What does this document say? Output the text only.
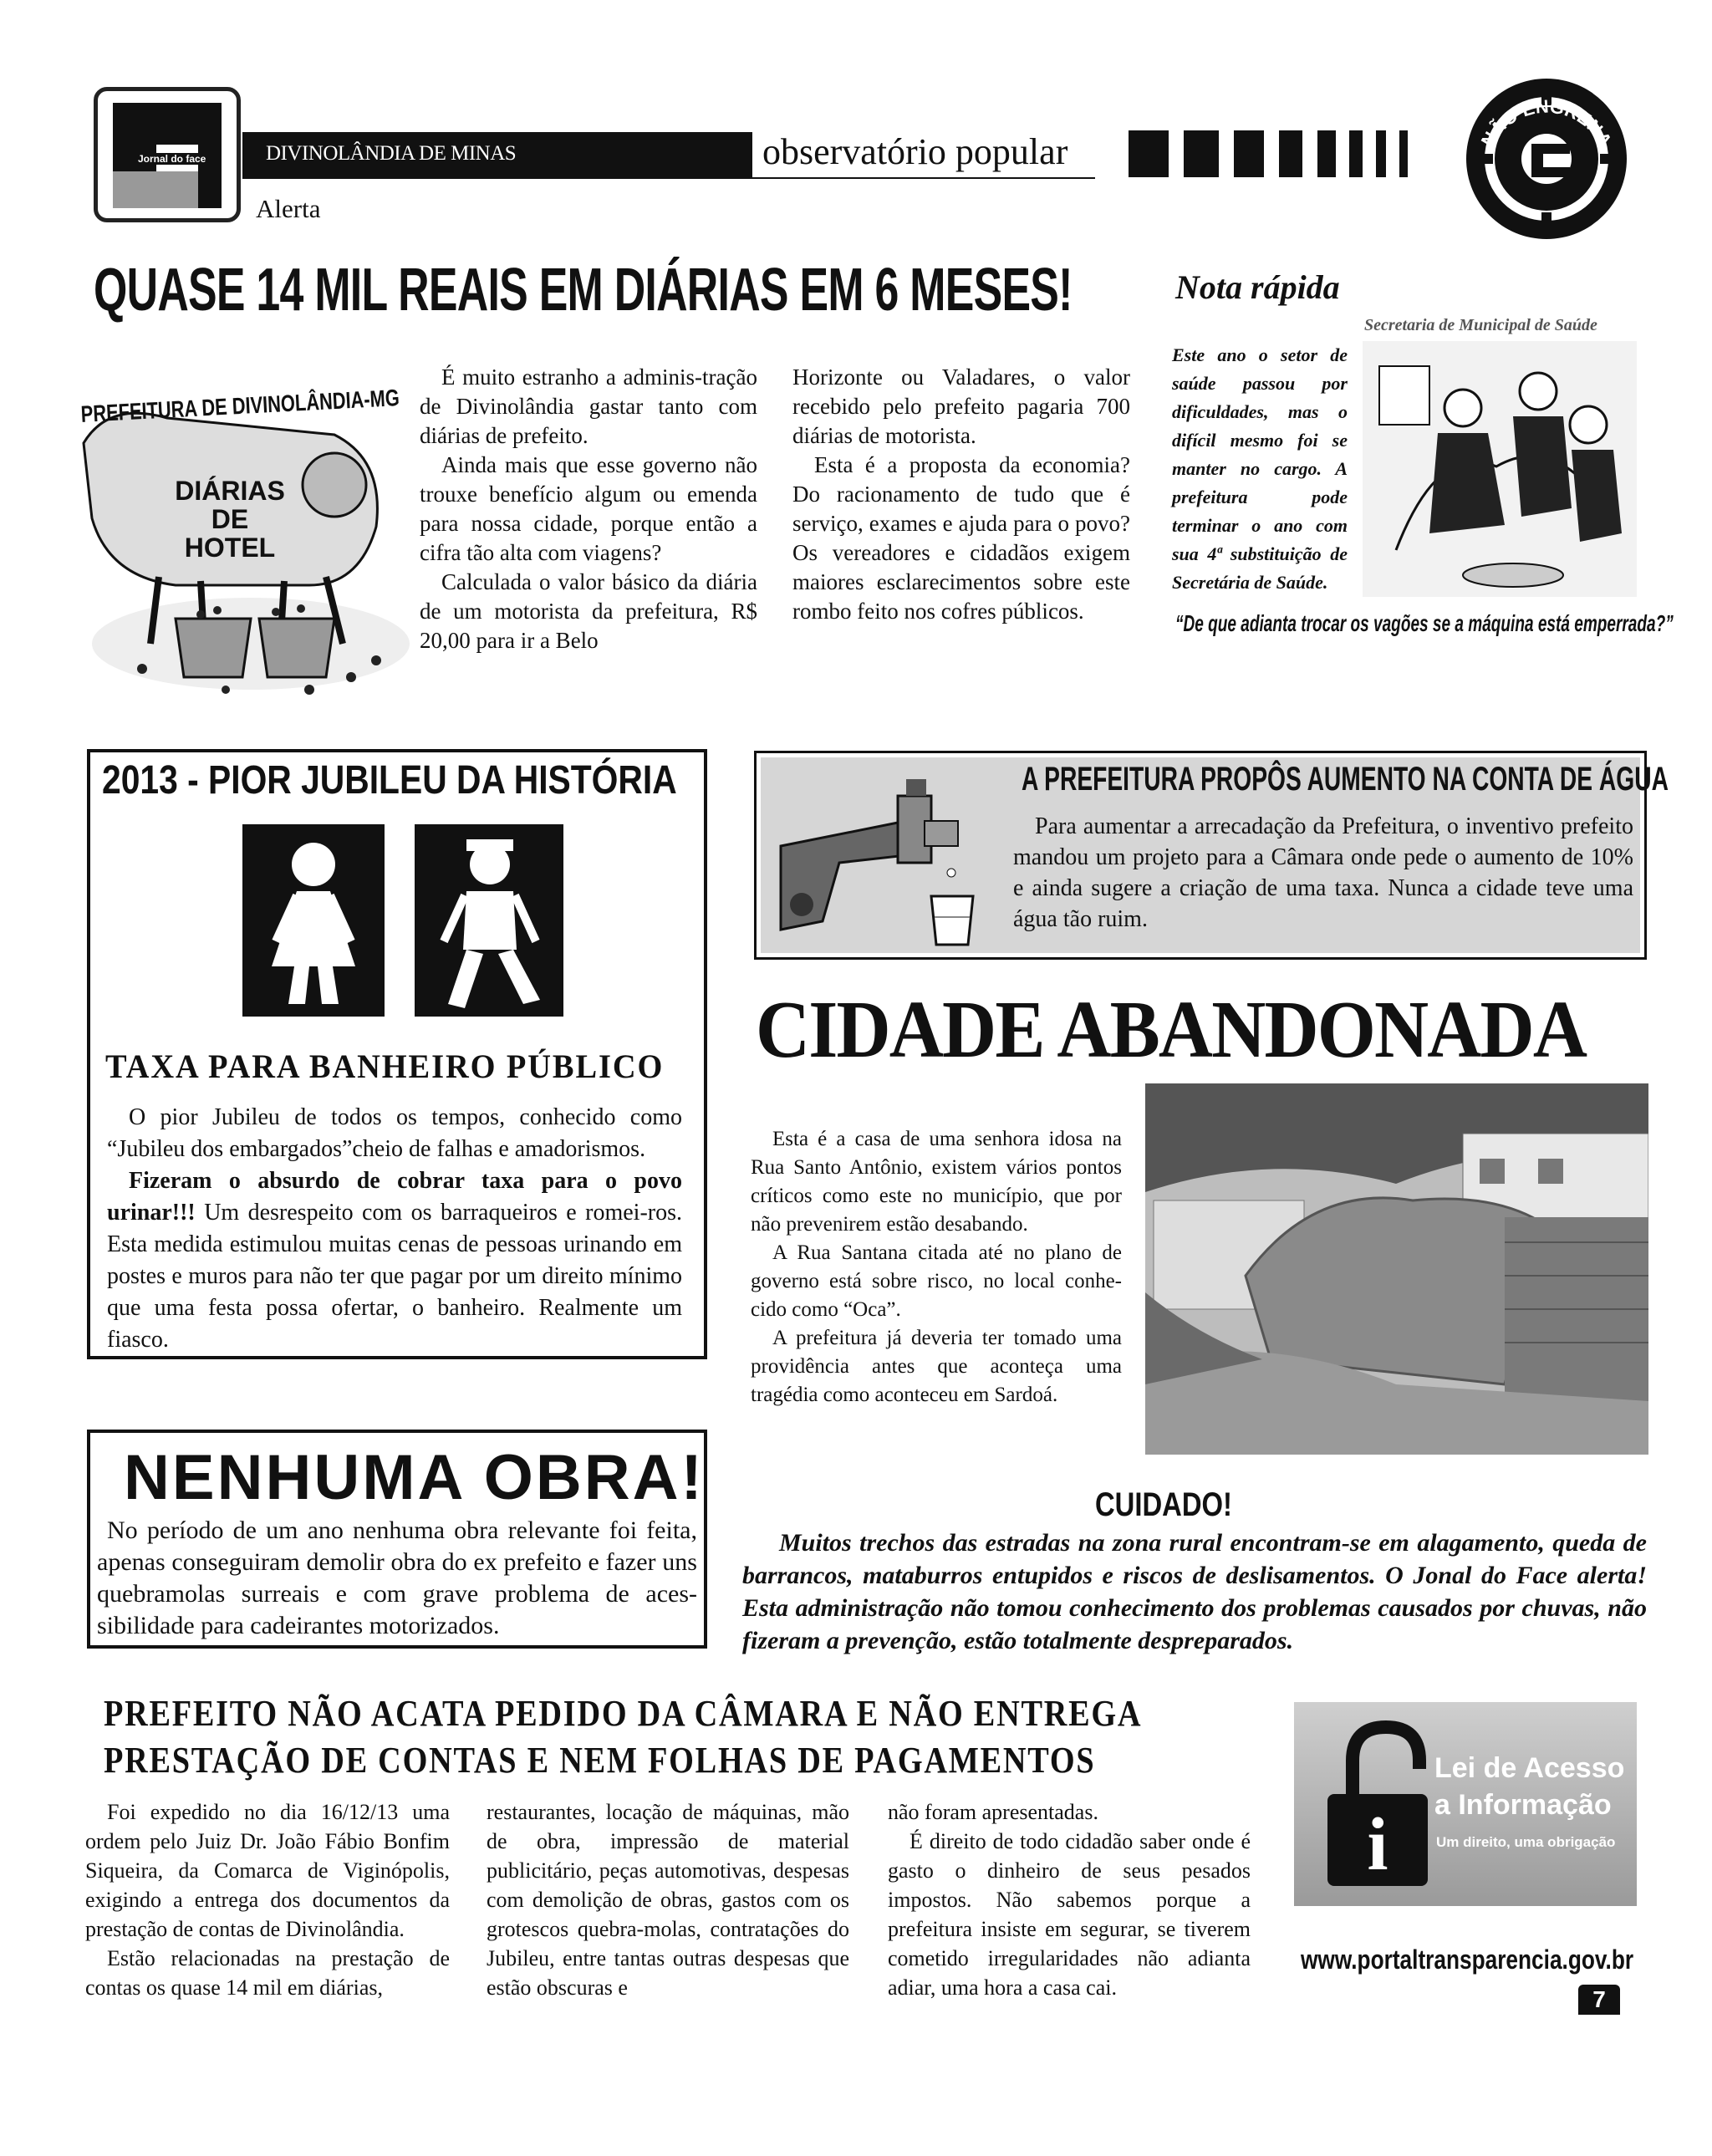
Jornal do face	DIVINOLÂNDIA DE MINAS	observatório popular
Alerta
NÃO ENGRENA
QUASE 14 MIL REAIS EM DIÁRIAS EM 6 MESES!
PREFEITURA DE DIVINOLÂNDIA-MG
DIÁRIAS DE HOTEL

É muito estranho a adminis-tração de Divinolândia gastar tanto com diárias de prefeito.

Ainda mais que esse governo não trouxe benefício algum ou emenda para nossa cidade, porque então a cifra tão alta com viagens?

Calculada o valor básico da diária de um motorista da prefeitura, R$ 20,00 para ir a Belo

Horizonte ou Valadares, o valor recebido pelo prefeito pagaria 700 diárias de motorista.

Esta é a proposta da economia? Do racionamento de tudo que é serviço, exames e ajuda para o povo? Os vereadores e cidadãos exigem maiores esclarecimentos sobre este rombo feito nos cofres públicos.

Nota rápida
Secretaria de Municipal de Saúde
Este ano o setor de saúde passou por dificuldades, mas o difícil mesmo foi se manter no cargo. A prefeitura pode terminar o ano com sua 4ª substituição de Secretária de Saúde.
“De que adianta trocar os vagões se a máquina está emperrada?”
2013 - PIOR JUBILEU DA HISTÓRIA
TAXA PARA BANHEIRO PÚBLICO

O pior Jubileu de todos os tempos, conhecido como “Jubileu dos embargados”cheio de falhas e amadorismos.

Fizeram o absurdo de cobrar taxa para o povo urinar!!! Um desrespeito com os barraqueiros e romei-ros. Esta medida estimulou muitas cenas de pessoas urinando em postes e muros para não ter que pagar por um direito mínimo que uma festa possa ofertar, o banheiro. Realmente um fiasco.

A PREFEITURA PROPÔS AUMENTO NA CONTA DE ÁGUA
Para aumentar a arrecadação da Prefeitura, o inventivo prefeito mandou um projeto para a Câmara onde pede o aumento de 10% e ainda sugere a criação de uma taxa. Nunca a cidade teve uma água tão ruim.
CIDADE ABANDONADA

Esta é a casa de uma senhora idosa na Rua Santo Antônio, existem vários pontos críticos como este no município, que por não prevenirem estão desabando.

A Rua Santana citada até no plano de governo está sobre risco, no local conhe-cido como “Oca”.

A prefeitura já deveria ter tomado uma providência antes que aconteça uma tragédia como aconteceu em Sardoá.

NENHUMA OBRA!
No período de um ano nenhuma obra relevante foi feita, apenas conseguiram demolir obra do ex prefeito e fazer uns quebramolas surreais e com grave problema de aces-sibilidade para cadeirantes motorizados.
CUIDADO!
Muitos trechos das estradas na zona rural encontram-se em alagamento, queda de barrancos, mataburros entupidos e riscos de deslisamentos. O Jonal do Face alerta! Esta administração não tomou conhecimento dos problemas causados por chuvas, não fizeram a prevenção, estão totalmente despreparados.
PREFEITO NÃO ACATA PEDIDO DA CÂMARA E NÃO ENTREGA
PRESTAÇÃO DE CONTAS E NEM FOLHAS DE PAGAMENTOS

Foi expedido no dia 16/12/13 uma ordem pelo Juiz Dr. João Fábio Bonfim Siqueira, da Comarca de Viginópolis, exigindo a entrega dos documentos da prestação de contas de Divinolândia.

Estão relacionadas na prestação de contas os quase 14 mil em diárias,

restaurantes, locação de máquinas, mão de obra, impressão de material publicitário, peças automotivas, despesas com demolição de obras, gastos com os grotescos quebra-molas, contratações do Jubileu, entre tantas outras despesas que estão obscuras e

não foram apresentadas.

É direito de todo cidadão saber onde é gasto o dinheiro de seus pesados impostos. Não sabemos porque a prefeitura insiste em segurar, se tiverem cometido irregularidades não adianta adiar, uma hora a casa cai.

i
Lei de Acesso
a Informação
Um direito, uma obrigação
www.portaltransparencia.gov.br
7
